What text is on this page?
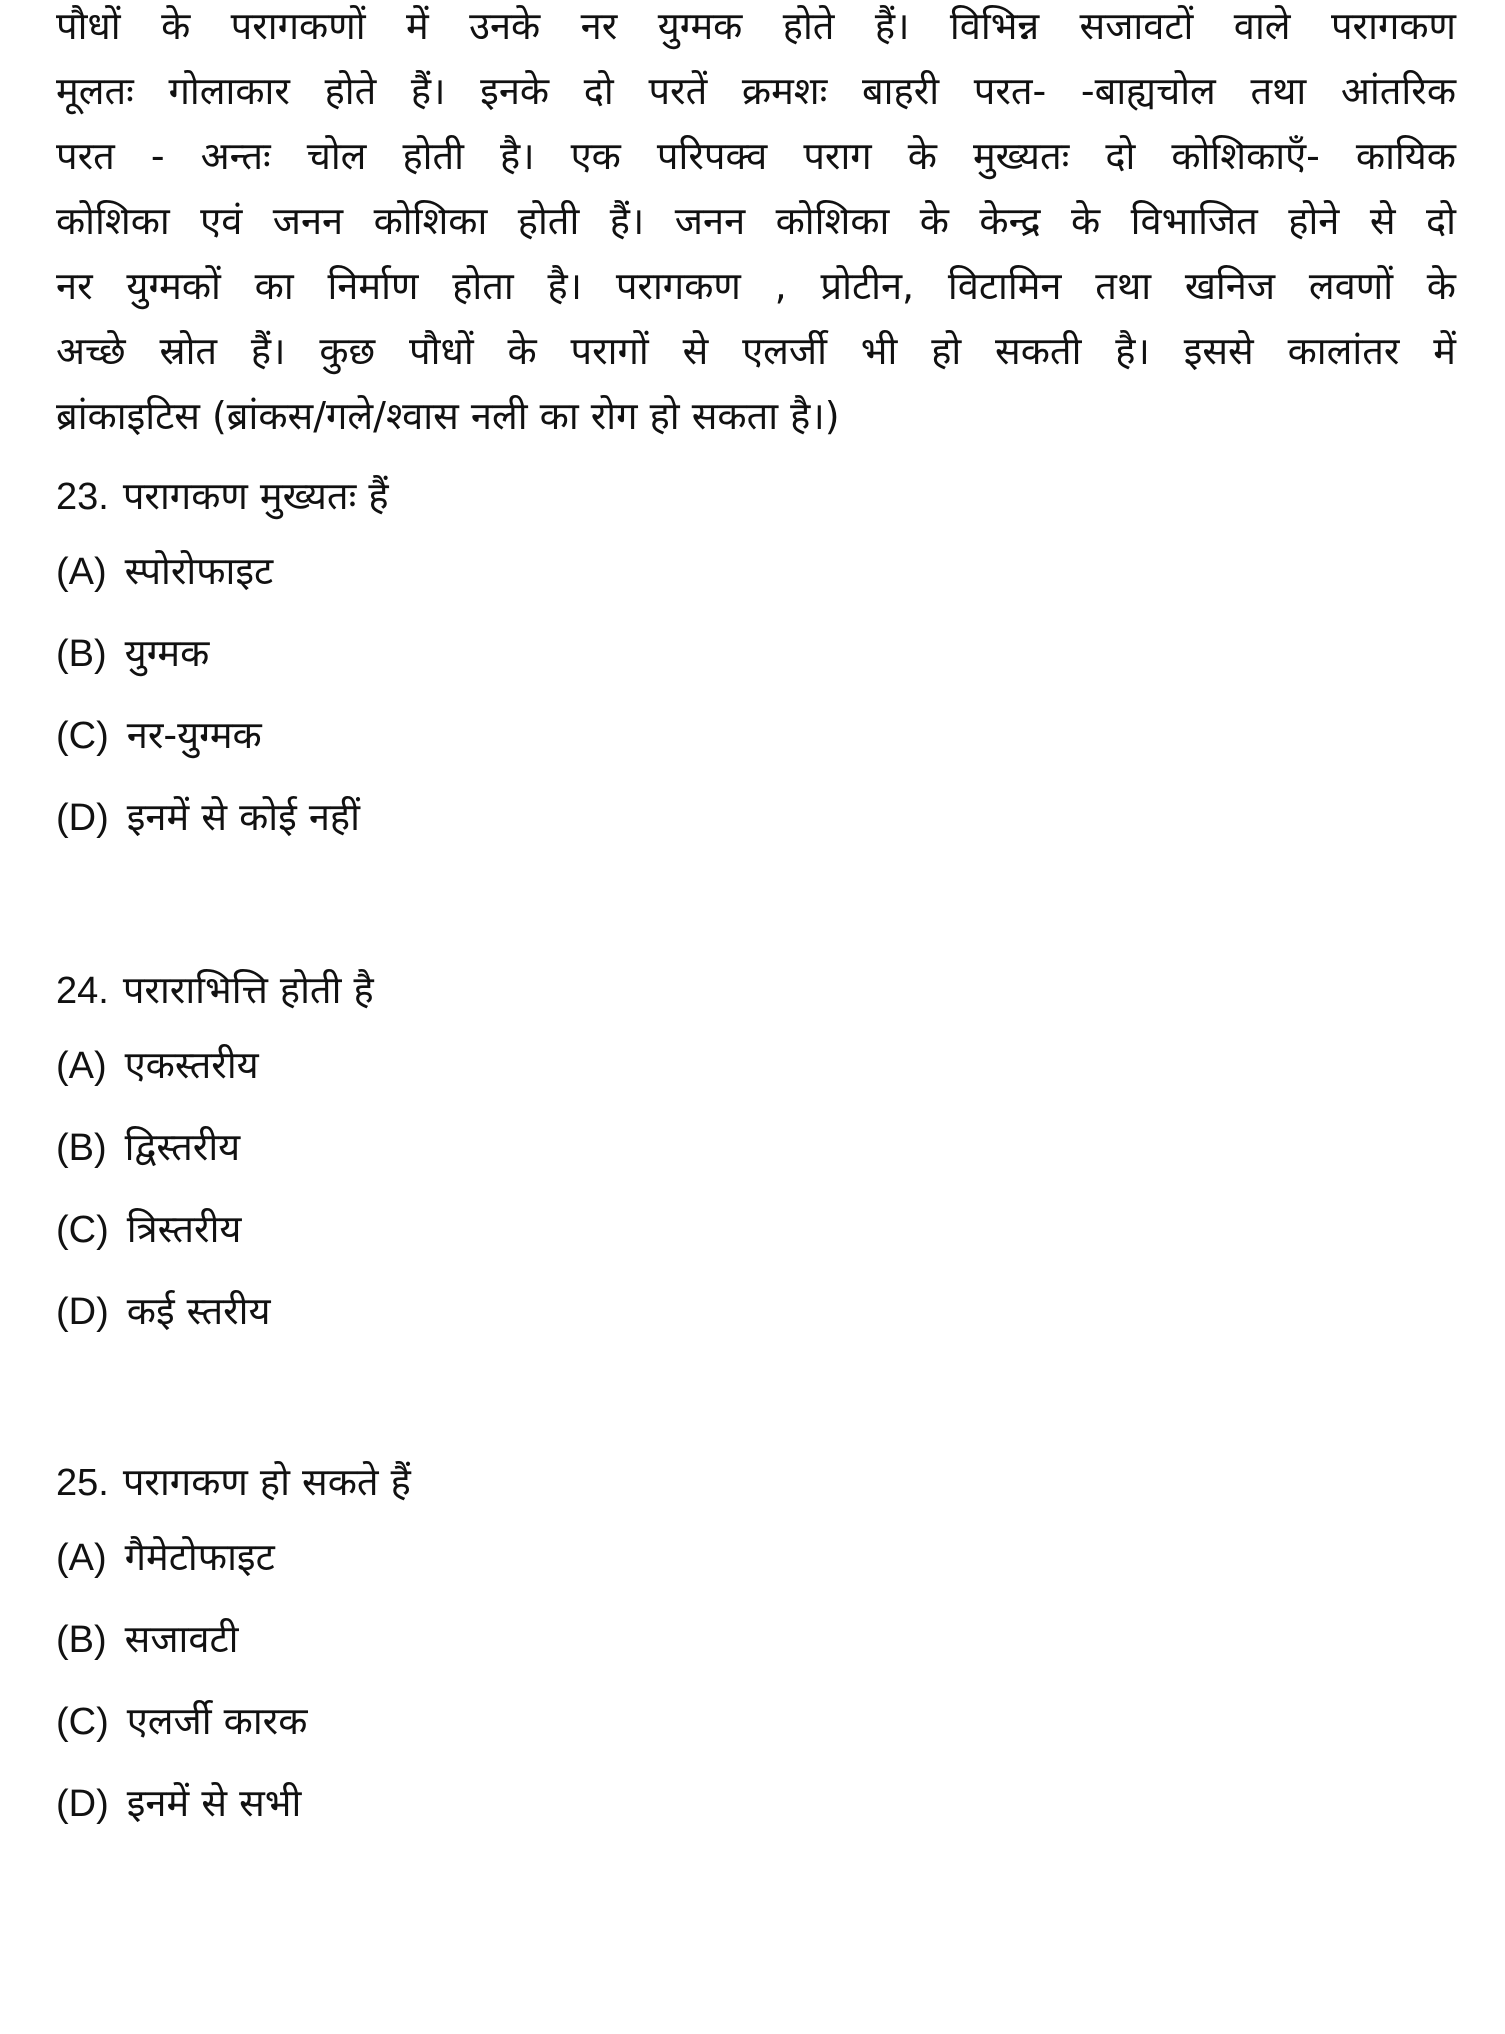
पौधों के परागकणों में उनके नर युग्मक होते हैं। विभिन्न सजावटों वाले परागकण
मूलतः गोलाकार होते हैं। इनके दो परतें क्रमशः बाहरी परत- -बाह्यचोल तथा आंतरिक
परत - अन्तः चोल होती है। एक परिपक्व पराग के मुख्यतः दो कोशिकाएँ- कायिक
कोशिका एवं जनन कोशिका होती हैं। जनन कोशिका के केन्द्र के विभाजित होने से दो
नर युग्मकों का निर्माण होता है। परागकण , प्रोटीन, विटामिन तथा खनिज लवणों के
अच्छे स्रोत हैं। कुछ पौधों के परागों से एलर्जी भी हो सकती है। इससे कालांतर में
ब्रांकाइटिस (ब्रांकस/गले/श्वास नली का रोग हो सकता है।)
23. परागकण मुख्यतः हैं
(A) स्पोरोफाइट
(B) युग्मक
(C) नर-युग्मक
(D) इनमें से कोई नहीं
24. पराराभित्ति होती है
(A) एकस्तरीय
(B) द्विस्तरीय
(C) त्रिस्तरीय
(D) कई स्तरीय
25. परागकण हो सकते हैं
(A) गैमेटोफाइट
(B) सजावटी
(C) एलर्जी कारक
(D) इनमें से सभी
